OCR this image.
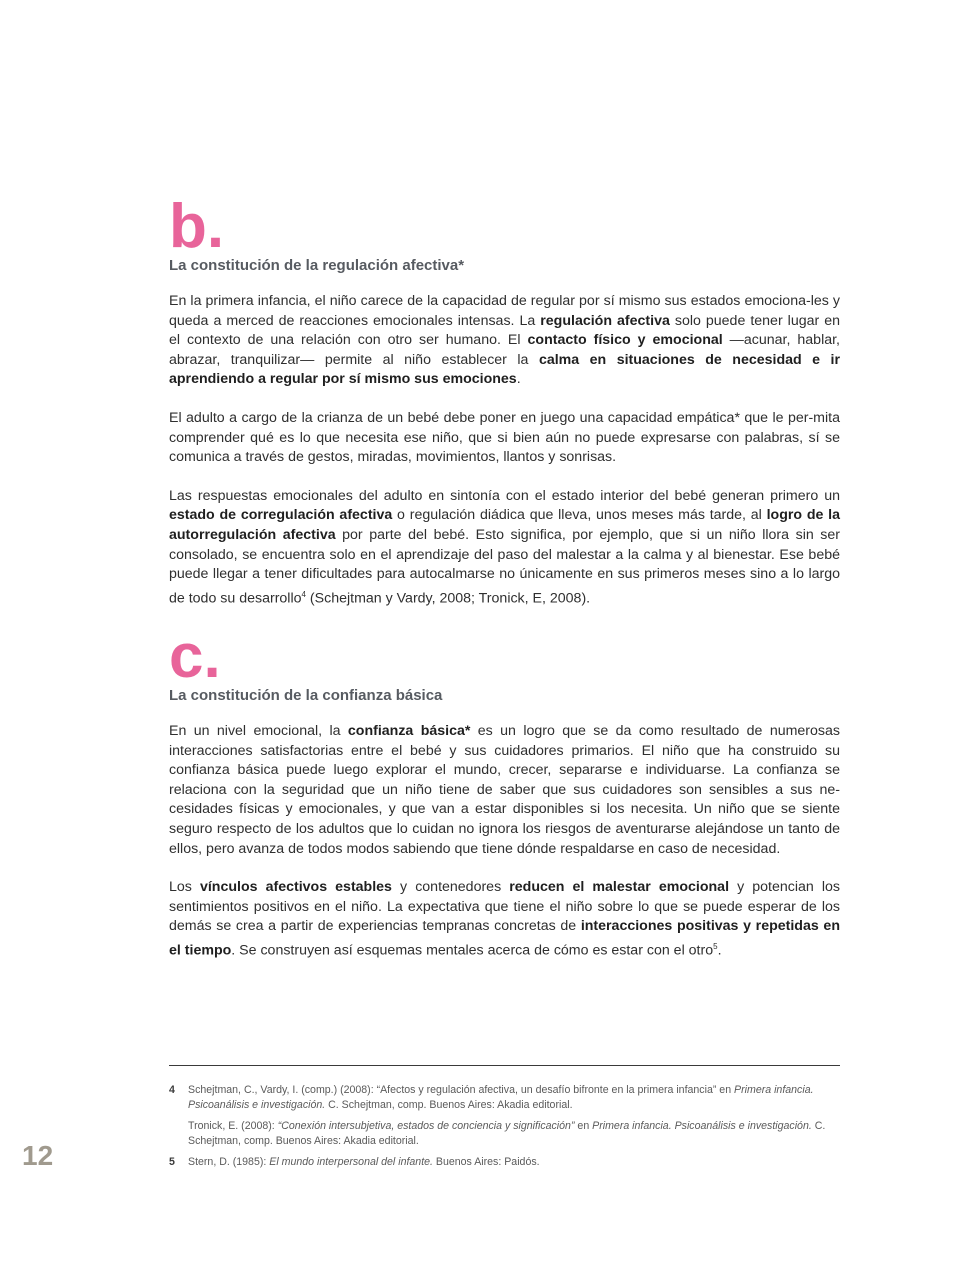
b.
La constitución de la regulación afectiva*

En la primera infancia, el niño carece de la capacidad de regular por sí mismo sus estados emociona-les y queda a merced de reacciones emocionales intensas. La regulación afectiva solo puede tener lugar en el contexto de una relación con otro ser humano. El contacto físico y emocional —acunar, hablar, abrazar, tranquilizar— permite al niño establecer la calma en situaciones de necesidad e ir aprendiendo a regular por sí mismo sus emociones.

El adulto a cargo de la crianza de un bebé debe poner en juego una capacidad empática* que le per-mita comprender qué es lo que necesita ese niño, que si bien aún no puede expresarse con palabras, sí se comunica a través de gestos, miradas, movimientos, llantos y sonrisas.

Las respuestas emocionales del adulto en sintonía con el estado interior del bebé generan primero un estado de corregulación afectiva o regulación diádica que lleva, unos meses más tarde, al logro de la autorregulación afectiva por parte del bebé. Esto significa, por ejemplo, que si un niño llora sin ser consolado, se encuentra solo en el aprendizaje del paso del malestar a la calma y al bienestar. Ese bebé puede llegar a tener dificultades para autocalmarse no únicamente en sus primeros meses sino a lo largo de todo su desarrollo$^4$ (Schejtman y Vardy, 2008; Tronick, E, 2008).

c.
La constitución de la confianza básica

En un nivel emocional, la confianza básica* es un logro que se da como resultado de numerosas interacciones satisfactorias entre el bebé y sus cuidadores primarios. El niño que ha construido su confianza básica puede luego explorar el mundo, crecer, separarse e individuarse. La confianza se relaciona con la seguridad que un niño tiene de saber que sus cuidadores son sensibles a sus ne-cesidades físicas y emocionales, y que van a estar disponibles si los necesita. Un niño que se siente seguro respecto de los adultos que lo cuidan no ignora los riesgos de aventurarse alejándose un tanto de ellos, pero avanza de todos modos sabiendo que tiene dónde respaldarse en caso de necesidad.

Los vínculos afectivos estables y contenedores reducen el malestar emocional y potencian los sentimientos positivos en el niño. La expectativa que tiene el niño sobre lo que se puede esperar de los demás se crea a partir de experiencias tempranas concretas de interacciones positivas y repetidas en el tiempo. Se construyen así esquemas mentales acerca de cómo es estar con el otro$^5$.

4 Schejtman, C., Vardy, I. (comp.) (2008): “Afectos y regulación afectiva, un desafío bifronte en la primera infancia” en Primera infancia. Psicoanálisis e investigación. C. Schejtman, comp. Buenos Aires: Akadia editorial.

Tronick, E. (2008): “Conexión intersubjetiva, estados de conciencia y significación” en Primera infancia. Psicoanálisis e investigación. C. Schejtman, comp. Buenos Aires: Akadia editorial.

5 Stern, D. (1985): El mundo interpersonal del infante. Buenos Aires: Paidós.

12
